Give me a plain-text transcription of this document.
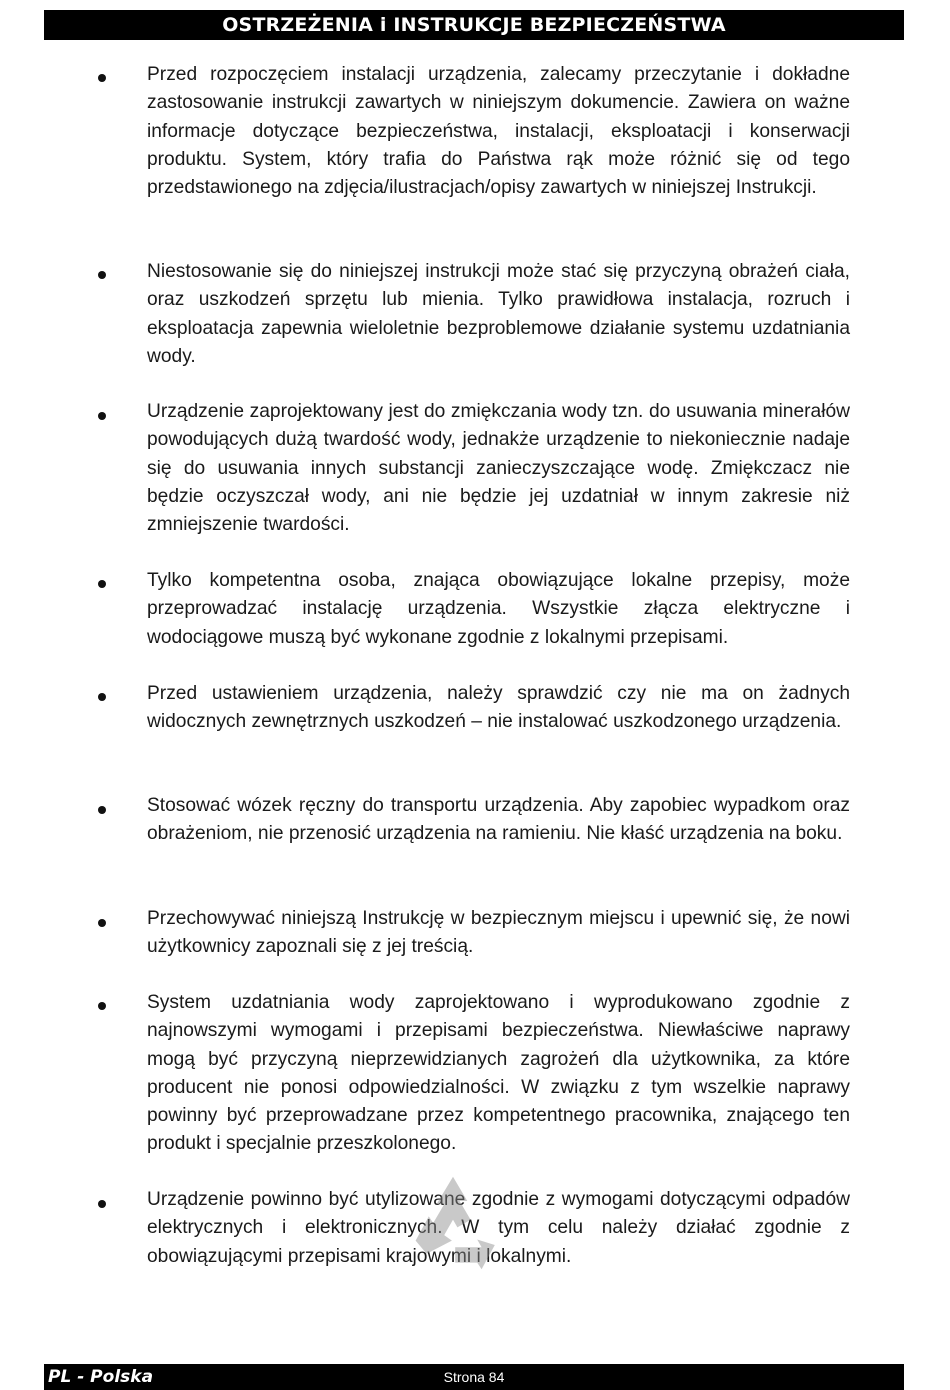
OSTRZEŻENIA i INSTRUKCJE BEZPIECZEŃSTWA

Przed rozpoczęciem instalacji urządzenia, zalecamy przeczytanie i dokładne zastosowanie instrukcji zawartych w niniejszym dokumencie. Zawiera on ważne informacje dotyczące bezpieczeństwa, instalacji, eksploatacji i konserwacji produktu. System, który trafia do Państwa rąk może różnić się od tego przedstawionego na zdjęcia/ilustracjach/opisy zawartych w niniejszej Instrukcji.

Niestosowanie się do niniejszej instrukcji może stać się przyczyną obrażeń ciała, oraz uszkodzeń sprzętu lub mienia. Tylko prawidłowa instalacja, rozruch i eksploatacja zapewnia wieloletnie bezproblemowe działanie systemu uzdatniania wody.

Urządzenie zaprojektowany jest do zmiękczania wody tzn. do usuwania minerałów powodujących dużą twardość wody, jednakże urządzenie to niekoniecznie nadaje się do usuwania innych substancji zanieczyszczające wodę. Zmiękczacz nie będzie oczyszczał wody, ani nie będzie jej uzdatniał w innym zakresie niż zmniejszenie twardości.

Tylko kompetentna osoba, znająca obowiązujące lokalne przepisy, może przeprowadzać instalację urządzenia. Wszystkie złącza elektryczne i wodociągowe muszą być wykonane zgodnie z lokalnymi przepisami.

Przed ustawieniem urządzenia, należy sprawdzić czy nie ma on żadnych widocznych zewnętrznych uszkodzeń – nie instalować uszkodzonego urządzenia.

Stosować wózek ręczny do transportu urządzenia. Aby zapobiec wypadkom oraz obrażeniom, nie przenosić urządzenia na ramieniu. Nie kłaść urządzenia na boku.

Przechowywać niniejszą Instrukcję w bezpiecznym miejscu i upewnić się, że nowi użytkownicy zapoznali się z jej treścią.

System uzdatniania wody zaprojektowano i wyprodukowano zgodnie z najnowszymi wymogami i przepisami bezpieczeństwa. Niewłaściwe naprawy mogą być przyczyną nieprzewidzianych zagrożeń dla użytkownika, za które producent nie ponosi odpowiedzialności. W związku z tym wszelkie naprawy powinny być przeprowadzane przez kompetentnego pracownika, znającego ten produkt i specjalnie przeszkolonego.

Urządzenie powinno być utylizowane zgodnie z wymogami dotyczącymi odpadów elektrycznych i elektronicznych. W tym celu należy działać zgodnie z obowiązującymi przepisami krajowymi i lokalnymi.

PL - Polska	Strona 84
